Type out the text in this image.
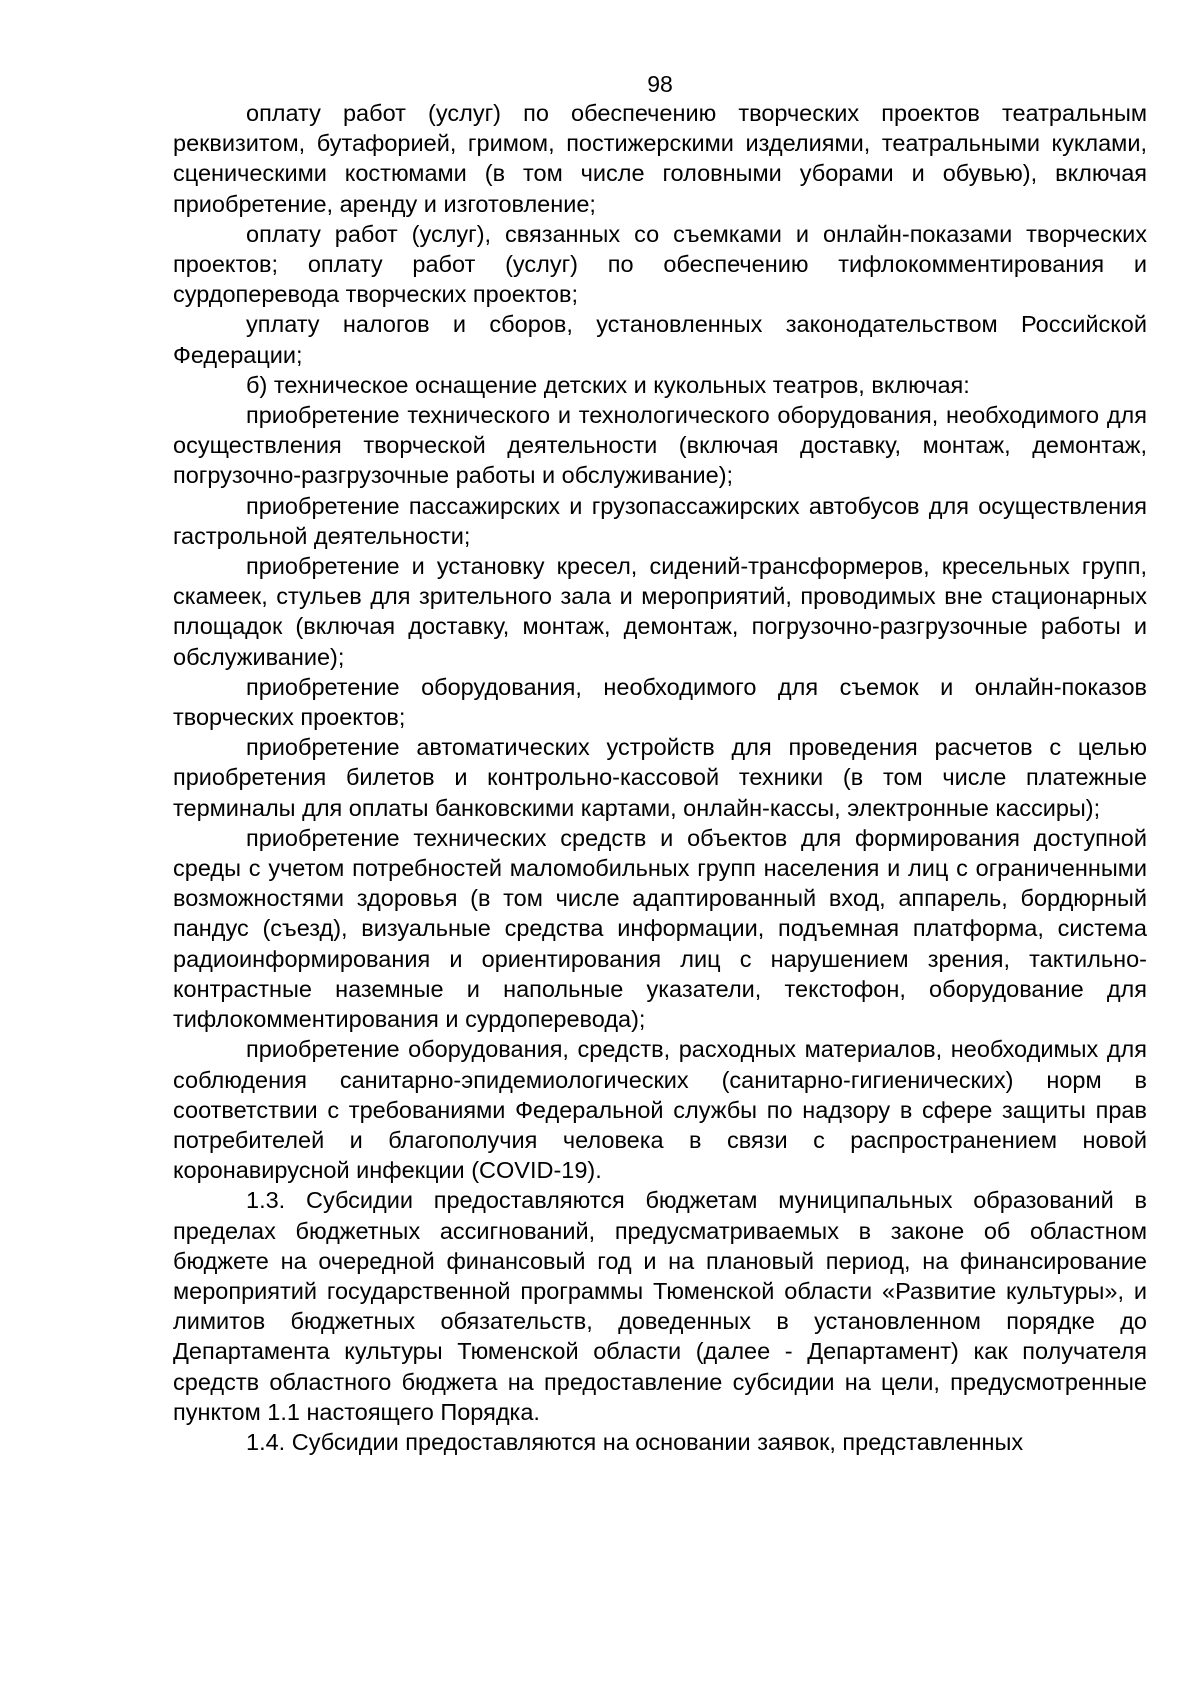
98

оплату работ (услуг) по обеспечению творческих проектов театральным реквизитом, бутафорией, гримом, постижерскими изделиями, театральными куклами, сценическими костюмами (в том числе головными уборами и обувью), включая приобретение, аренду и изготовление;

оплату работ (услуг), связанных со съемками и онлайн-показами творческих проектов; оплату работ (услуг) по обеспечению тифлокомментирования и сурдоперевода творческих проектов;

уплату налогов и сборов, установленных законодательством Российской Федерации;

б) техническое оснащение детских и кукольных театров, включая:

приобретение технического и технологического оборудования, необходимого для осуществления творческой деятельности (включая доставку, монтаж, демонтаж, погрузочно-разгрузочные работы и обслуживание);

приобретение пассажирских и грузопассажирских автобусов для осуществления гастрольной деятельности;

приобретение и установку кресел, сидений-трансформеров, кресельных групп, скамеек, стульев для зрительного зала и мероприятий, проводимых вне стационарных площадок (включая доставку, монтаж, демонтаж, погрузочно-разгрузочные работы и обслуживание);

приобретение оборудования, необходимого для съемок и онлайн-показов творческих проектов;

приобретение автоматических устройств для проведения расчетов с целью приобретения билетов и контрольно-кассовой техники (в том числе платежные терминалы для оплаты банковскими картами, онлайн-кассы, электронные кассиры);

приобретение технических средств и объектов для формирования доступной среды с учетом потребностей маломобильных групп населения и лиц с ограниченными возможностями здоровья (в том числе адаптированный вход, аппарель, бордюрный пандус (съезд), визуальные средства информации, подъемная платформа, система радиоинформирования и ориентирования лиц с нарушением зрения, тактильно-контрастные наземные и напольные указатели, текстофон, оборудование для тифлокомментирования и сурдоперевода);

приобретение оборудования, средств, расходных материалов, необходимых для соблюдения санитарно-эпидемиологических (санитарно-гигиенических) норм в соответствии с требованиями Федеральной службы по надзору в сфере защиты прав потребителей и благополучия человека в связи с распространением новой коронавирусной инфекции (COVID-19).

1.3. Субсидии предоставляются бюджетам муниципальных образований в пределах бюджетных ассигнований, предусматриваемых в законе об областном бюджете на очередной финансовый год и на плановый период, на финансирование мероприятий государственной программы Тюменской области «Развитие культуры», и лимитов бюджетных обязательств, доведенных в установленном порядке до Департамента культуры Тюменской области (далее - Департамент) как получателя средств областного бюджета на предоставление субсидии на цели, предусмотренные пунктом 1.1 настоящего Порядка.

1.4. Субсидии предоставляются на основании заявок, представленных
